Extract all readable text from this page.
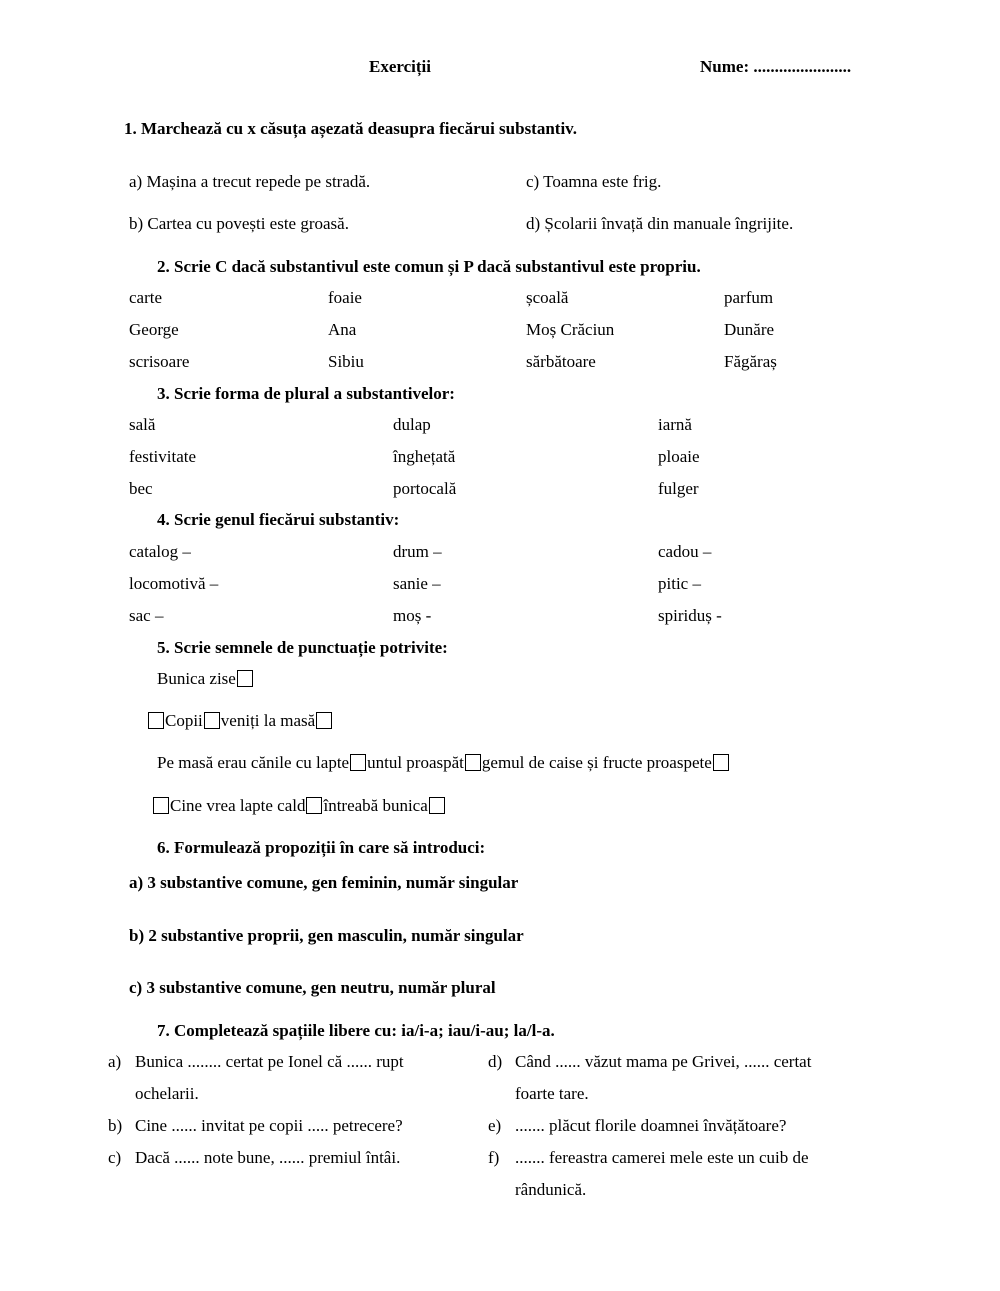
Exerciții	Nume: .......................
1. Marchează cu x căsuța așezată deasupra fiecărui substantiv.
a) Mașina a trecut repede pe stradă.	c) Toamna este frig.
b) Cartea cu povești este groasă.	d) Școlarii învață din manuale îngrijite.
2. Scrie C dacă substantivul este comun și P dacă substantivul este propriu.
carte	foaie	școală	parfum
George	Ana	Moș Crăciun	Dunăre
scrisoare	Sibiu	sărbătoare	Făgăraș
3. Scrie forma de plural a substantivelor:
sală	dulap	iarnă
festivitate	înghețată	ploaie
bec	portocală	fulger
4. Scrie genul fiecărui substantiv:
catalog –	drum –	cadou –
locomotivă –	sanie –	pitic –
sac –	moș -	spiriduș -
5. Scrie semnele de punctuație potrivite:
Bunica zise
Copii veniți la masă
Pe masă erau cănile cu lapte untul proaspăt gemul de caise și fructe proaspete
Cine vrea lapte cald întreabă bunica
6. Formulează propoziții în care să introduci:
a) 3 substantive comune, gen feminin, număr singular
b) 2 substantive proprii, gen masculin, număr singular
c) 3 substantive comune, gen neutru, număr plural
7. Completează spațiile libere cu: ia/i-a; iau/i-au; la/l-a.
a) Bunica ........ certat pe Ionel că ...... rupt
ochelarii.
b) Cine ...... invitat pe copii ..... petrecere?
c) Dacă ...... note bune, ...... premiul întâi.
d) Când ...... văzut mama pe Grivei, ...... certat
foarte tare.
e) ....... plăcut florile doamnei învățătoare?
f) ....... fereastra camerei mele este un cuib de
rândunică.
